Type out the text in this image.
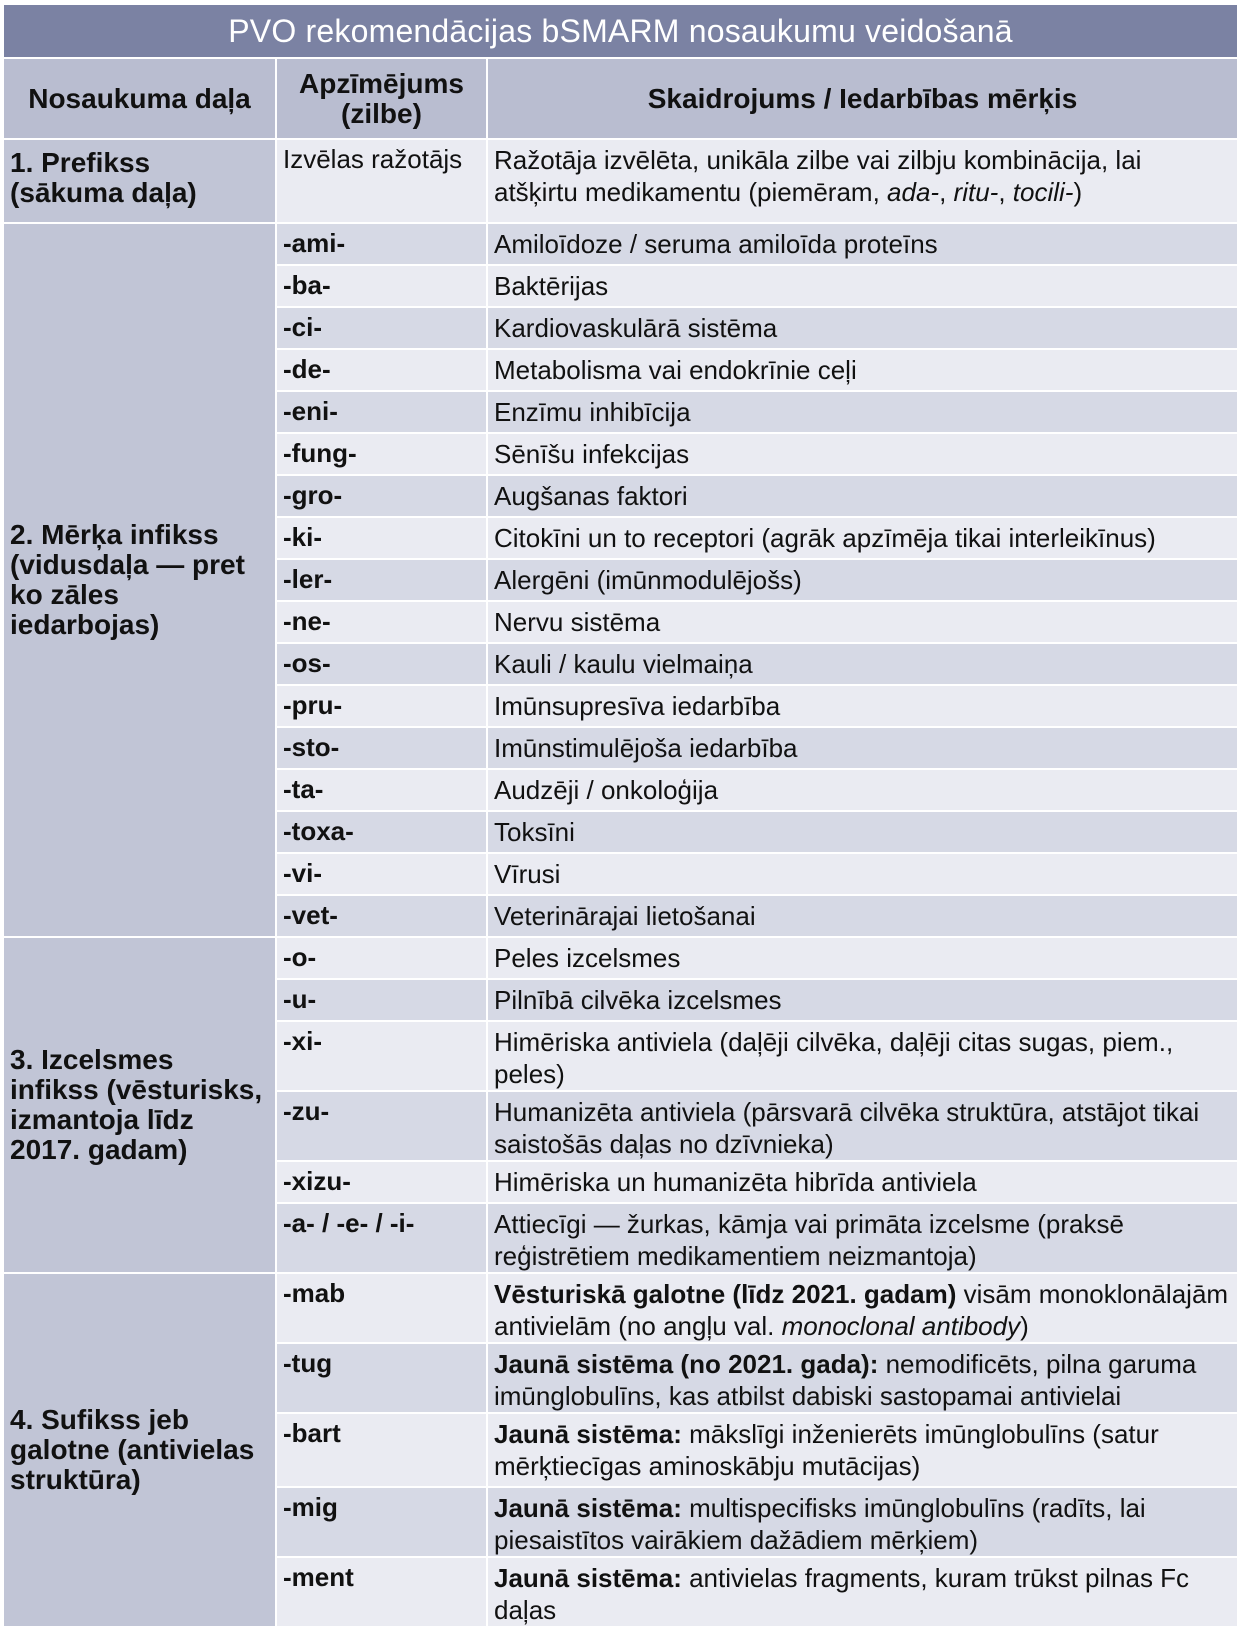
PVO rekomendācijas bSMARM nosaukumu veidošanā		
Nosaukuma daļa	Apzīmējums (zilbe)	Skaidrojums / Iedarbības mērķis
1. Prefikss (sākuma daļa)	Izvēlas ražotājs	Ražotāja izvēlēta, unikāla zilbe vai zilbju kombinācija, lai atšķirtu medikamentu (piemēram, ada-, ritu-, tocili-)
2. Mērķa infikss (vidusdaļa — pret ko zāles iedarbojas)	-ami-	Amiloīdoze / seruma amiloīda proteīns
	-ba-	Baktērijas
	-ci-	Kardiovaskulārā sistēma
	-de-	Metabolisma vai endokrīnie ceļi
	-eni-	Enzīmu inhibīcija
	-fung-	Sēnīšu infekcijas
	-gro-	Augšanas faktori
	-ki-	Citokīni un to receptori (agrāk apzīmēja tikai interleikīnus)
	-ler-	Alergēni (imūnmodulējošs)
	-ne-	Nervu sistēma
	-os-	Kauli / kaulu vielmaiņa
	-pru-	Imūnsupresīva iedarbība
	-sto-	Imūnstimulējoša iedarbība
	-ta-	Audzēji / onkoloģija
	-toxa-	Toksīni
	-vi-	Vīrusi
	-vet-	Veterinārajai lietošanai
3. Izcelsmes infikss (vēsturisks, izmantoja līdz 2017. gadam)	-o-	Peles izcelsmes
	-u-	Pilnībā cilvēka izcelsmes
	-xi-	Himēriska antiviela (daļēji cilvēka, daļēji citas sugas, piem., peles)
	-zu-	Humanizēta antiviela (pārsvarā cilvēka struktūra, atstājot tikai saistošās daļas no dzīvnieka)
	-xizu-	Himēriska un humanizēta hibrīda antiviela
	-a- / -e- / -i-	Attiecīgi — žurkas, kāmja vai primāta izcelsme (praksē reģistrētiem medikamentiem neizmantoja)
4. Sufikss jeb galotne (antivielas struktūra)	-mab	Vēsturiskā galotne (līdz 2021. gadam) visām monoklonālajām antivielām (no angļu val. monoclonal antibody)
	-tug	Jaunā sistēma (no 2021. gada): nemodificēts, pilna garuma imūnglobulīns, kas atbilst dabiski sastopamai antivielai
	-bart	Jaunā sistēma: mākslīgi inženierēts imūnglobulīns (satur mērķtiecīgas aminoskābju mutācijas)
	-mig	Jaunā sistēma: multispecifisks imūnglobulīns (radīts, lai piesaistītos vairākiem dažādiem mērķiem)
	-ment	Jaunā sistēma: antivielas fragments, kuram trūkst pilnas Fc daļas
